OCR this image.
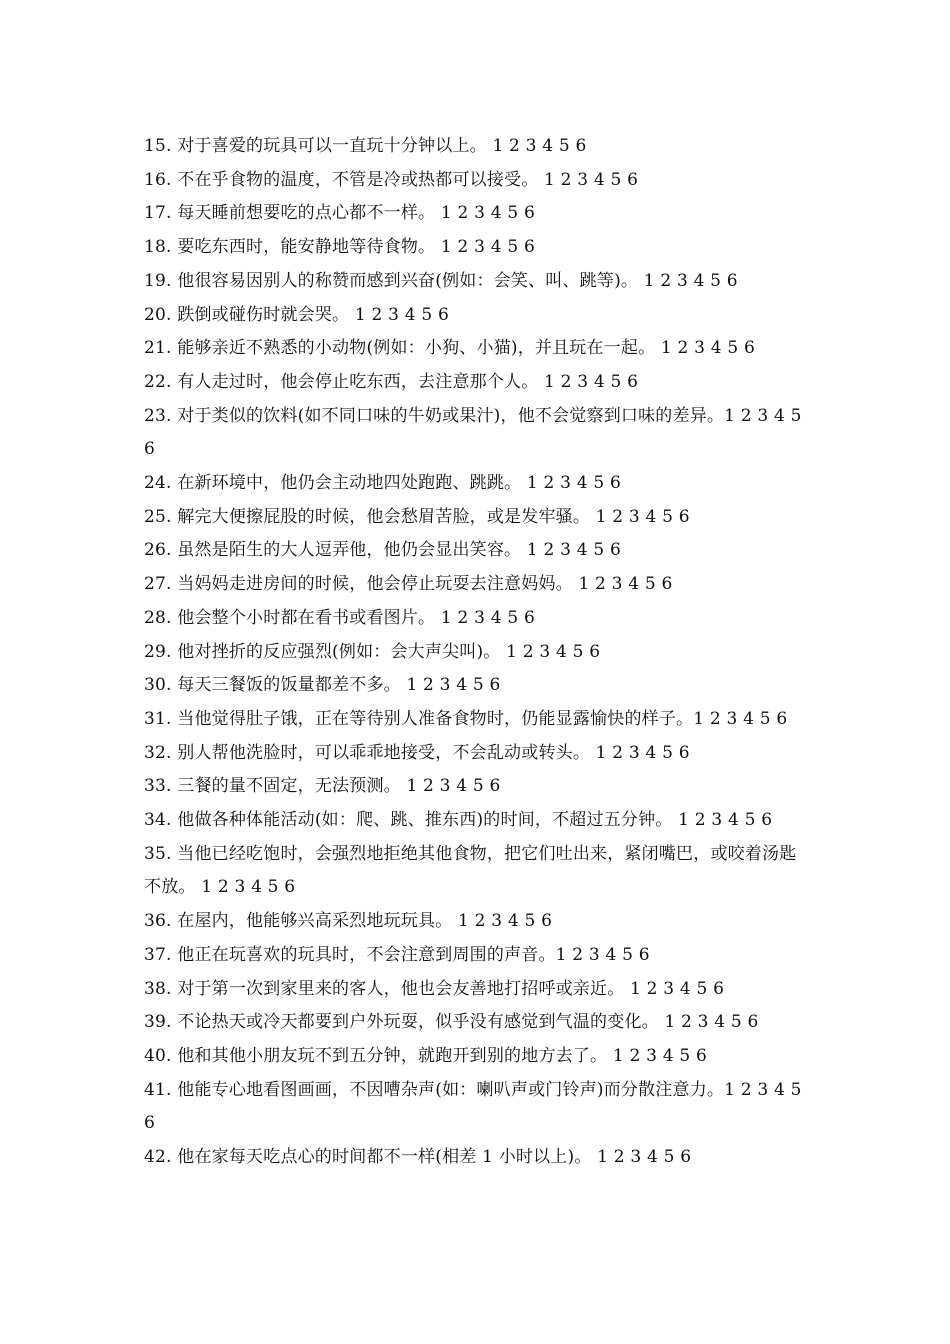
15. 对于喜爱的玩具可以一直玩十分钟以上。 1 2 3 4 5 6

16. 不在乎食物的温度，不管是冷或热都可以接受。 1 2 3 4 5 6

17. 每天睡前想要吃的点心都不一样。 1 2 3 4 5 6

18. 要吃东西时，能安静地等待食物。 1 2 3 4 5 6

19. 他很容易因别人的称赞而感到兴奋(例如：会笑、叫、跳等)。 1 2 3 4 5 6

20. 跌倒或碰伤时就会哭。 1 2 3 4 5 6

21. 能够亲近不熟悉的小动物(例如：小狗、小猫)，并且玩在一起。 1 2 3 4 5 6

22. 有人走过时，他会停止吃东西，去注意那个人。 1 2 3 4 5 6

23. 对于类似的饮料(如不同口味的牛奶或果汁)，他不会觉察到口味的差异。1 2 3 4 5 6

24. 在新环境中，他仍会主动地四处跑跑、跳跳。 1 2 3 4 5 6

25. 解完大便擦屁股的时候，他会愁眉苦脸，或是发牢骚。 1 2 3 4 5 6

26. 虽然是陌生的大人逗弄他，他仍会显出笑容。 1 2 3 4 5 6

27. 当妈妈走进房间的时候，他会停止玩耍去注意妈妈。 1 2 3 4 5 6

28. 他会整个小时都在看书或看图片。 1 2 3 4 5 6

29. 他对挫折的反应强烈(例如：会大声尖叫)。 1 2 3 4 5 6

30. 每天三餐饭的饭量都差不多。 1 2 3 4 5 6

31. 当他觉得肚子饿，正在等待别人准备食物时，仍能显露愉快的样子。1 2 3 4 5 6

32. 别人帮他洗脸时，可以乖乖地接受，不会乱动或转头。 1 2 3 4 5 6

33. 三餐的量不固定，无法预测。 1 2 3 4 5 6

34. 他做各种体能活动(如：爬、跳、推东西)的时间，不超过五分钟。 1 2 3 4 5 6

35. 当他已经吃饱时，会强烈地拒绝其他食物，把它们吐出来，紧闭嘴巴，或咬着汤匙不放。 1 2 3 4 5 6

36. 在屋内，他能够兴高采烈地玩玩具。 1 2 3 4 5 6

37. 他正在玩喜欢的玩具时，不会注意到周围的声音。1 2 3 4 5 6

38. 对于第一次到家里来的客人，他也会友善地打招呼或亲近。 1 2 3 4 5 6

39. 不论热天或冷天都要到户外玩耍，似乎没有感觉到气温的变化。 1 2 3 4 5 6

40. 他和其他小朋友玩不到五分钟，就跑开到别的地方去了。 1 2 3 4 5 6

41. 他能专心地看图画画，不因嘈杂声(如：喇叭声或门铃声)而分散注意力。1 2 3 4 5 6

42. 他在家每天吃点心的时间都不一样(相差 1 小时以上)。 1 2 3 4 5 6
